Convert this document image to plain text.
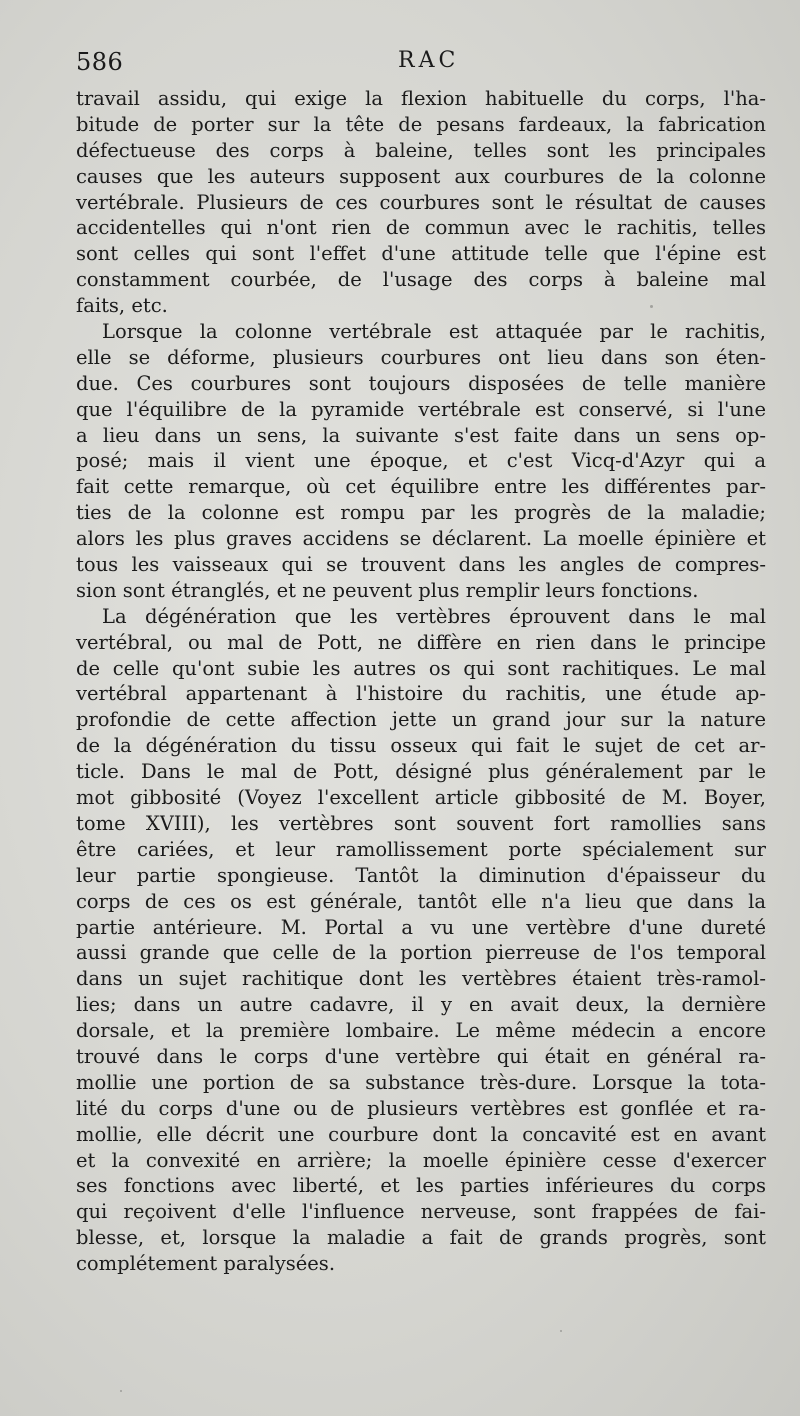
586	RAC
travail assidu, qui exige la flexion habituelle du corps, l'ha-
bitude de porter sur la tête de pesans fardeaux, la fabrication
défectueuse des corps à baleine, telles sont les principales
causes que les auteurs supposent aux courbures de la colonne
vertébrale. Plusieurs de ces courbures sont le résultat de causes
accidentelles qui n'ont rien de commun avec le rachitis, telles
sont celles qui sont l'effet d'une attitude telle que l'épine est
constamment courbée, de l'usage des corps à baleine mal
faits, etc.
Lorsque la colonne vertébrale est attaquée par le rachitis,
elle se déforme, plusieurs courbures ont lieu dans son éten-
due. Ces courbures sont toujours disposées de telle manière
que l'équilibre de la pyramide vertébrale est conservé, si l'une
a lieu dans un sens, la suivante s'est faite dans un sens op-
posé; mais il vient une époque, et c'est Vicq-d'Azyr qui a
fait cette remarque, où cet équilibre entre les différentes par-
ties de la colonne est rompu par les progrès de la maladie;
alors les plus graves accidens se déclarent. La moelle épinière et
tous les vaisseaux qui se trouvent dans les angles de compres-
sion sont étranglés, et ne peuvent plus remplir leurs fonctions.
La dégénération que les vertèbres éprouvent dans le mal
vertébral, ou mal de Pott, ne diffère en rien dans le principe
de celle qu'ont subie les autres os qui sont rachitiques. Le mal
vertébral appartenant à l'histoire du rachitis, une étude ap-
profondie de cette affection jette un grand jour sur la nature
de la dégénération du tissu osseux qui fait le sujet de cet ar-
ticle. Dans le mal de Pott, désigné plus généralement par le
mot gibbosité (Voyez l'excellent article gibbosité de M. Boyer,
tome XVIII), les vertèbres sont souvent fort ramollies sans
être cariées, et leur ramollissement porte spécialement sur
leur partie spongieuse. Tantôt la diminution d'épaisseur du
corps de ces os est générale, tantôt elle n'a lieu que dans la
partie antérieure. M. Portal a vu une vertèbre d'une dureté
aussi grande que celle de la portion pierreuse de l'os temporal
dans un sujet rachitique dont les vertèbres étaient très-ramol-
lies; dans un autre cadavre, il y en avait deux, la dernière
dorsale, et la première lombaire. Le même médecin a encore
trouvé dans le corps d'une vertèbre qui était en général ra-
mollie une portion de sa substance très-dure. Lorsque la tota-
lité du corps d'une ou de plusieurs vertèbres est gonflée et ra-
mollie, elle décrit une courbure dont la concavité est en avant
et la convexité en arrière; la moelle épinière cesse d'exercer
ses fonctions avec liberté, et les parties inférieures du corps
qui reçoivent d'elle l'influence nerveuse, sont frappées de fai-
blesse, et, lorsque la maladie a fait de grands progrès, sont
complétement paralysées.
